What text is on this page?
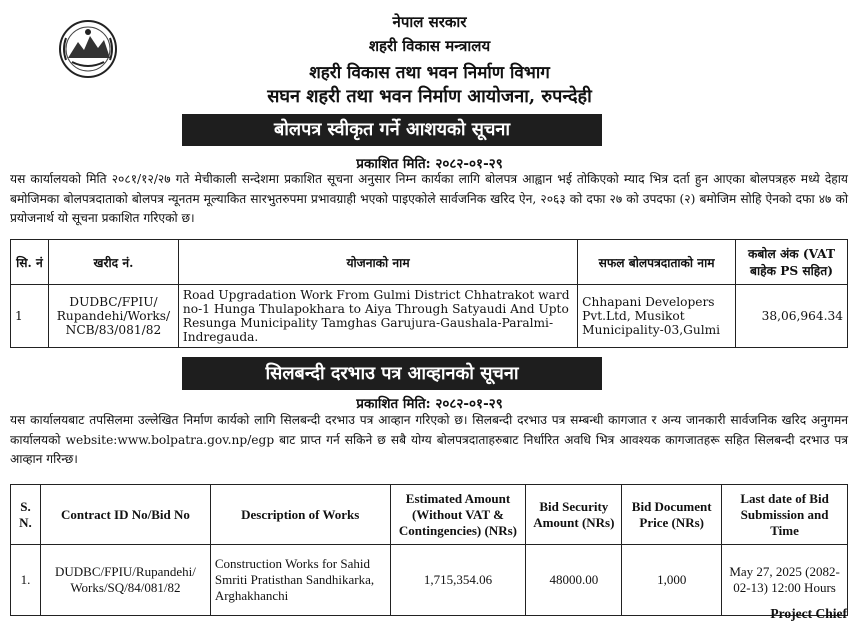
नेपाल सरकार
शहरी विकास मन्त्रालय
शहरी विकास तथा भवन निर्माण विभाग
सघन शहरी तथा भवन निर्माण आयोजना, रुपन्देही
बोलपत्र स्वीकृत गर्ने आशयको सूचना
प्रकाशित मिति: २०८२-०१-२९
यस कार्यालयको मिति २०८१/१२/२७ गते मेचीकाली सन्देशमा प्रकाशित सूचना अनुसार निम्न कार्यका लागि बोलपत्र आह्वान भई तोकिएको म्याद भित्र दर्ता हुन आएका बोलपत्रहरु मध्ये देहाय बमोजिमका बोलपत्रदाताको बोलपत्र न्यूनतम मूल्याकित सारभुतरुपमा प्रभावग्राही भएको पाइएकोले सार्वजनिक खरिद ऐन, २०६३ को दफा २७ को उपदफा (२) बमोजिम सोहि ऐनको दफा ४७ को प्रयोजनार्थ यो सूचना प्रकाशित गरिएको छ।
सि. नं	खरीद नं.	योजनाको नाम	सफल बोलपत्रदाताको नाम	कबोल अंक (VAT बाहेक PS सहित)
1	DUDBC/FPIU/ Rupandehi/Works/ NCB/83/081/82	Road Upgradation Work From Gulmi District Chhatrakot ward no-1 Hunga Thulapokhara to Aiya Through Satyaudi And Upto Resunga Municipality Tamghas Garujura-Gaushala-Paralmi-Indregauda.	Chhapani Developers Pvt.Ltd, Musikot Municipality-03,Gulmi	38,06,964.34
सिलबन्दी दरभाउ पत्र आव्हानको सूचना
प्रकाशित मिति: २०८२-०१-२९
यस कार्यालयबाट तपसिलमा उल्लेखित निर्माण कार्यको लागि सिलबन्दी दरभाउ पत्र आव्हान गरिएको छ। सिलबन्दी दरभाउ पत्र सम्बन्धी कागजात र अन्य जानकारी सार्वजनिक खरिद अनुगमन कार्यालयको website:www.bolpatra.gov.np/egp बाट प्राप्त गर्न सकिने छ सबै योग्य बोलपत्रदाताहरुबाट निर्धारित अवधि भित्र आवश्यक कागजातहरू सहित सिलबन्दी दरभाउ पत्र आव्हान गरिन्छ।
S. N.	Contract ID No/Bid No	Description of Works	Estimated Amount (Without VAT & Contingencies) (NRs)	Bid Security Amount (NRs)	Bid Document Price (NRs)	Last date of Bid Submission and Time
1.	DUDBC/FPIU/Rupandehi/ Works/SQ/84/081/82	Construction Works for Sahid Smriti Pratisthan Sandhikarka, Arghakhanchi	1,715,354.06	48000.00	1,000	May 27, 2025 (2082-02-13) 12:00 Hours
Project Chief
